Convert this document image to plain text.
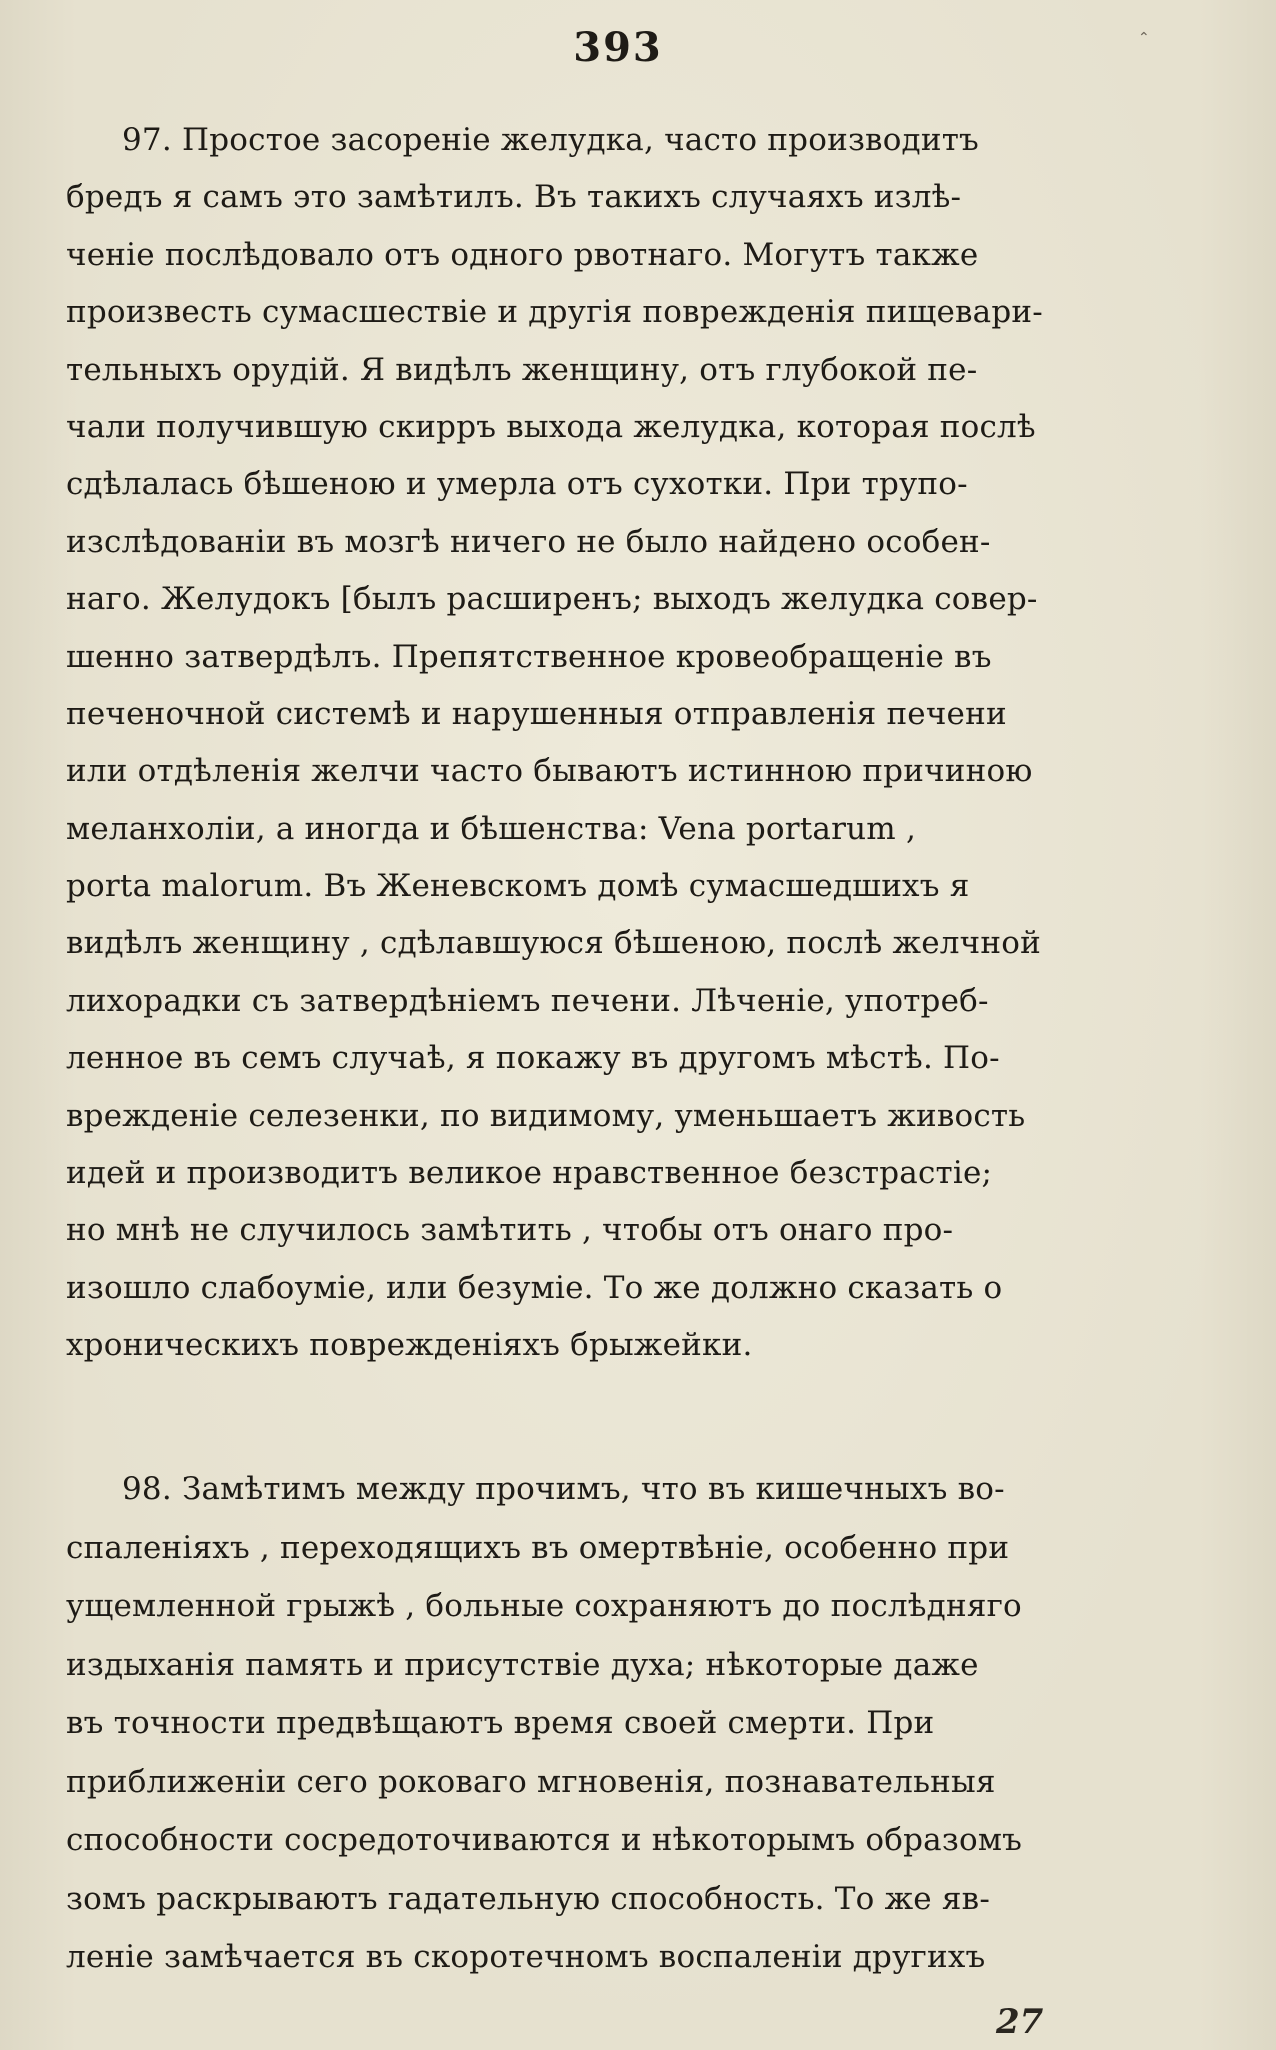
393	⌃
97. Простое засореніе желудка, часто производитъ
бредъ я самъ это замѣтилъ. Въ такихъ случаяхъ излѣ-
ченіе послѣдовало отъ одного рвотнаго. Могутъ также
произвесть сумасшествіе и другія поврежденія пищевари-
тельныхъ орудій. Я видѣлъ женщину, отъ глубокой пе-
чали получившую скирръ выхода желудка, которая послѣ
сдѣлалась бѣшеною и умерла отъ сухотки. При трупо-
изслѣдованіи въ мозгѣ ничего не было найдено особен-
наго. Желудокъ [былъ расширенъ; выходъ желудка совер-
шенно затвердѣлъ. Препятственное кровеобращеніе въ
печеночной системѣ и нарушенныя отправленія печени
или отдѣленія желчи часто бываютъ истинною причиною
меланхоліи, а иногда и бѣшенства: Vena portarum ,
porta malorum. Въ Женевскомъ домѣ сумасшедшихъ я
видѣлъ женщину , сдѣлавшуюся бѣшеною, послѣ желчной
лихорадки съ затвердѣніемъ печени. Лѣченіе, употреб-
ленное въ семъ случаѣ, я покажу въ другомъ мѣстѣ. По-
врежденіе селезенки, по видимому, уменьшаетъ живость
идей и производитъ великое нравственное безстрастіе;
но мнѣ не случилось замѣтить , чтобы отъ онаго про-
изошло слабоуміе, или безуміе. То же должно сказать о
хроническихъ поврежденіяхъ брыжейки.
98. Замѣтимъ между прочимъ, что въ кишечныхъ во-
спаленіяхъ , переходящихъ въ омертвѣніе, особенно при
ущемленной грыжѣ , больные сохраняютъ до послѣдняго
издыханія память и присутствіе духа; нѣкоторые даже
въ точности предвѣщаютъ время своей смерти. При
приближеніи сего роковаго мгновенія, познавательныя
способности сосредоточиваются и нѣкоторымъ образомъ
зомъ раскрываютъ гадательную способность. То же яв-
леніе замѣчается въ скоротечномъ воспаленіи другихъ
27
